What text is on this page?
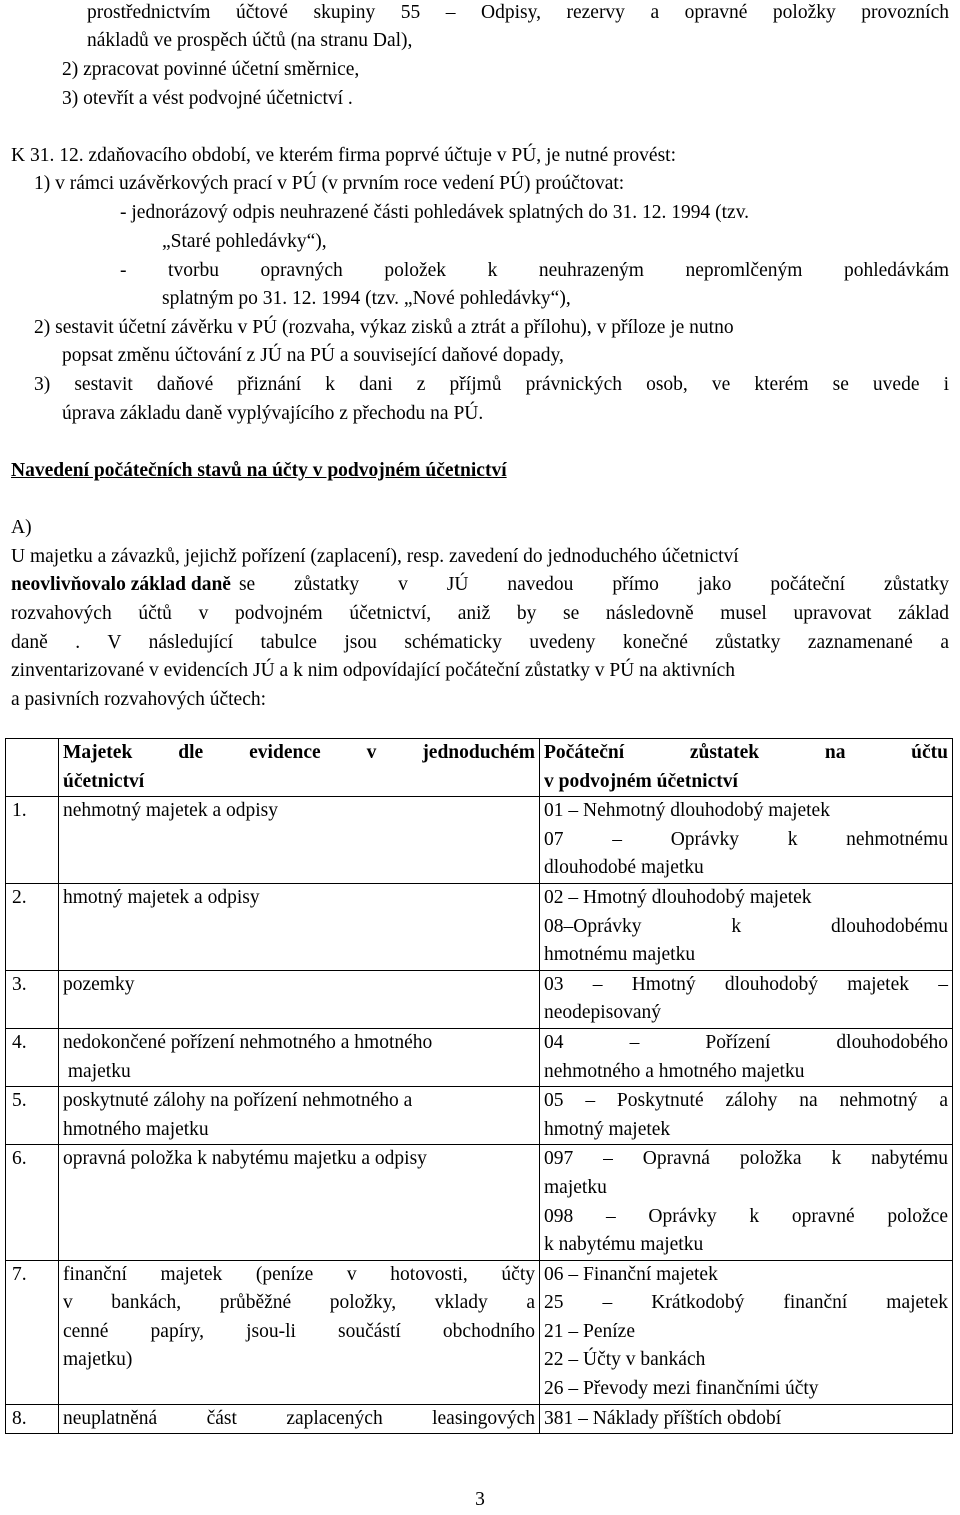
prostřednictvím účtové skupiny 55 – Odpisy, rezervy a opravné položky provozních
nákladů ve prospěch účtů (na stranu Dal),
2) zpracovat povinné účetní směrnice,
3) otevřít a vést podvojné účetnictví .
K 31. 12. zdaňovacího období, ve kterém firma poprvé účtuje v PÚ, je nutné provést:
1) v rámci uzávěrkových prací v PÚ (v prvním roce vedení PÚ) proúčtovat:
- jednorázový odpis neuhrazené části pohledávek splatných do 31. 12. 1994 (tzv.
„Staré pohledávky“),
- tvorbu opravných položek k neuhrazeným nepromlčeným pohledávkám
splatným po 31. 12. 1994 (tzv. „Nové pohledávky“),
2) sestavit účetní závěrku v PÚ (rozvaha, výkaz zisků a ztrát a přílohu), v příloze je nutno
popsat změnu účtování z JÚ na PÚ a související daňové dopady,
3) sestavit daňové přiznání k dani z příjmů právnických osob, ve kterém se uvede i
úprava základu daně vyplývajícího z přechodu na PÚ.
Navedení počátečních stavů na účty v podvojném účetnictví
A)
U majetku a závazků, jejichž pořízení (zaplacení), resp. zavedení do jednoduchého účetnictví
neovlivňovalo základ daně se zůstatky v JÚ navedou přímo jako počáteční zůstatky
rozvahových účtů v podvojném účetnictví, aniž by se následovně musel upravovat základ
daně . V následující tabulce jsou schématicky uvedeny konečné zůstatky zaznamenané a
zinventarizované v evidencích JÚ a k nim odpovídající počáteční zůstatky v PÚ na aktivních
a pasivních rozvahových účtech:

	Majetek dle evidence v jednoduchém
účetnictví	Počáteční zůstatek na účtu
v podvojném účetnictví

1.	nehmotný majetek a odpisy	01 – Nehmotný dlouhodobý majetek
07 – Oprávky k nehmotnému
dlouhodobé majetku

2.	hmotný majetek a odpisy	02 – Hmotný dlouhodobý majetek
08–Oprávky k dlouhodobému
hmotnému majetku

3.	pozemky	03 – Hmotný dlouhodobý majetek –
neodepisovaný

4.	nedokončené pořízení nehmotného a hmotného
majetku	04 – Pořízení dlouhodobého
nehmotného a hmotného majetku

5.	poskytnuté zálohy na pořízení nehmotného a
hmotného majetku	05 – Poskytnuté zálohy na nehmotný a
hmotný majetek

6.	opravná položka k nabytému majetku a odpisy	097 – Opravná položka k nabytému
majetku
098 – Oprávky k opravné položce
k nabytému majetku

7.	finanční majetek (peníze v hotovosti, účty
v bankách, průběžné položky, vklady a
cenné papíry, jsou-li součástí obchodního
majetku)	06 – Finanční majetek
25 – Krátkodobý finanční majetek
21 – Peníze
22 – Účty v bankách
26 – Převody mezi finančními účty

8.	neuplatněná část zaplacených leasingových	381 – Náklady příštích období
3
